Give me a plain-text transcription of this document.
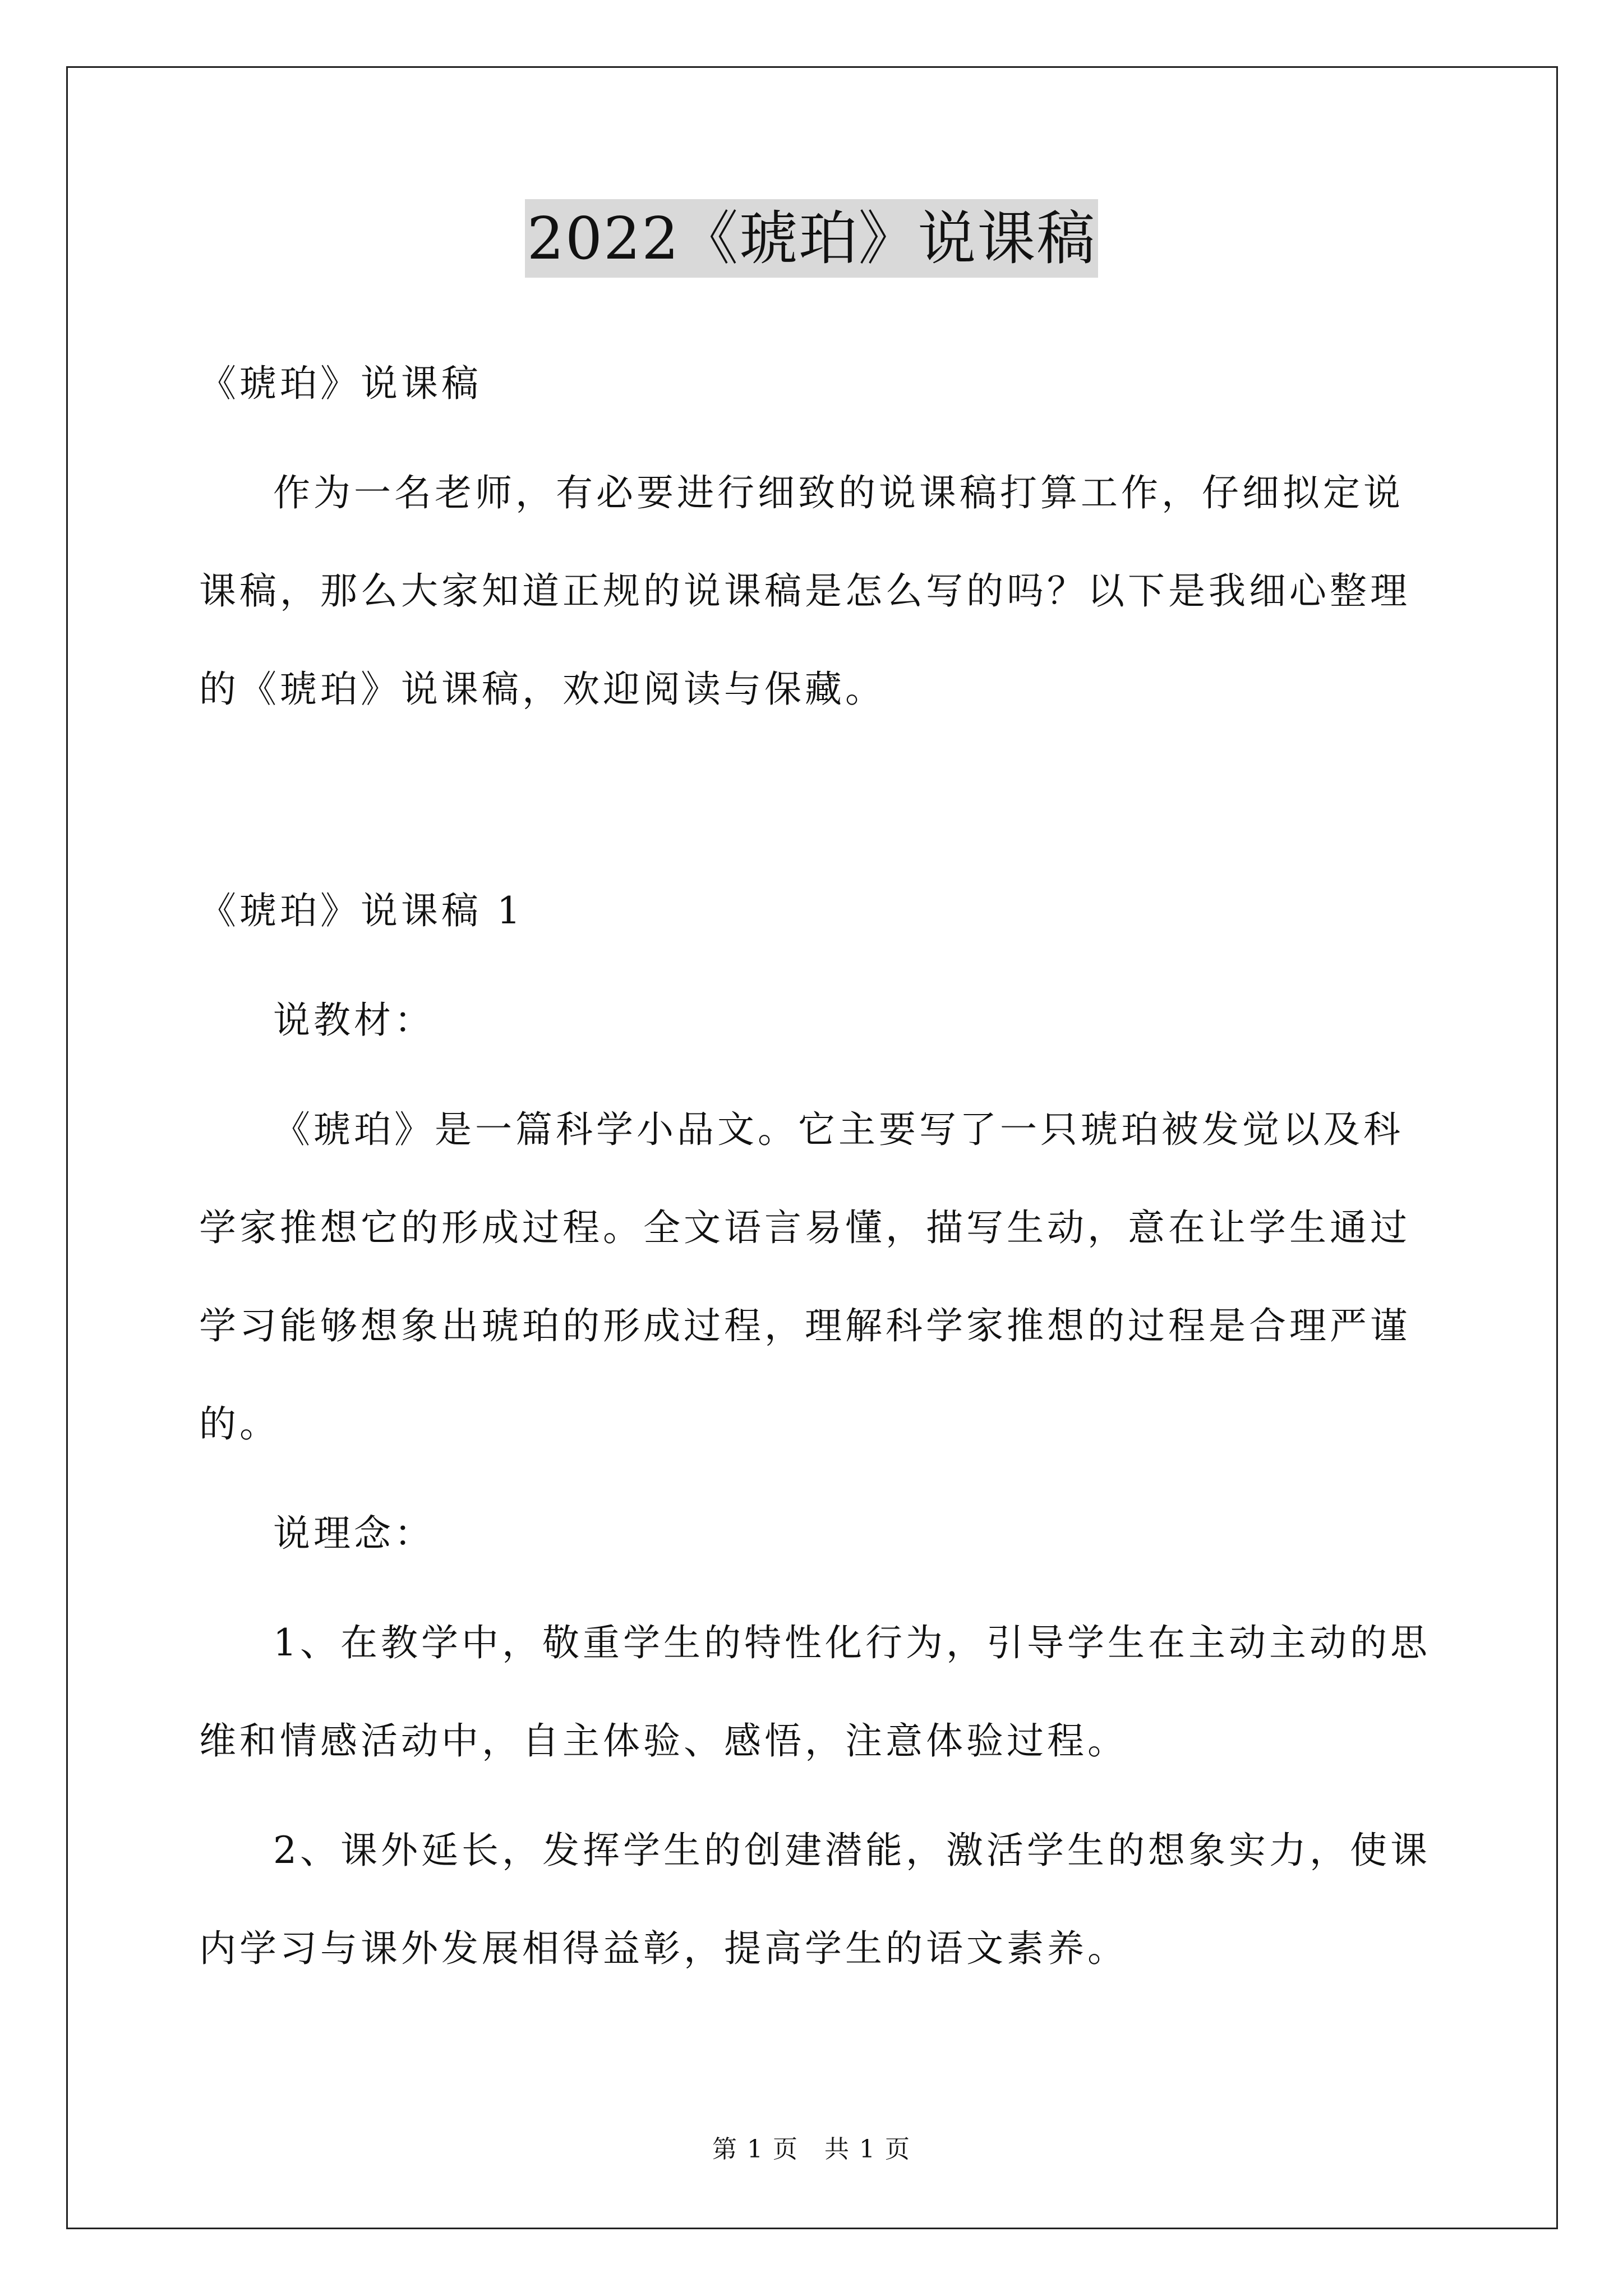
2022《琥珀》说课稿
《琥珀》说课稿
作为一名老师，有必要进行细致的说课稿打算工作，仔细拟定说
课稿，那么大家知道正规的说课稿是怎么写的吗？以下是我细心整理
的《琥珀》说课稿，欢迎阅读与保藏。
《琥珀》说课稿 1
说教材：
《琥珀》是一篇科学小品文。它主要写了一只琥珀被发觉以及科
学家推想它的形成过程。全文语言易懂，描写生动，意在让学生通过
学习能够想象出琥珀的形成过程，理解科学家推想的过程是合理严谨
的。
说理念：
1、在教学中，敬重学生的特性化行为，引导学生在主动主动的思
维和情感活动中，自主体验、感悟，注意体验过程。
2、课外延长，发挥学生的创建潜能，激活学生的想象实力，使课
内学习与课外发展相得益彰，提高学生的语文素养。
第 1 页　共 1 页
